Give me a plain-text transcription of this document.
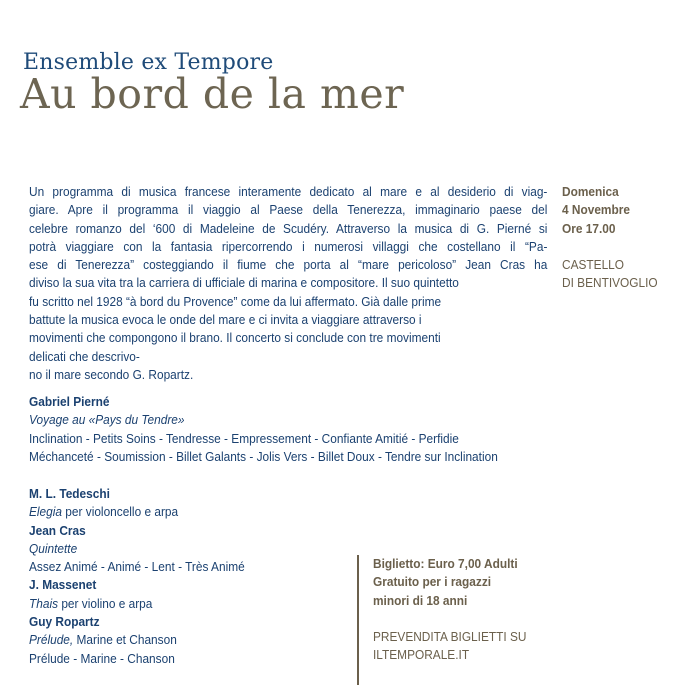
Ensemble ex Tempore
Au bord de la mer
Un programma di musica francese interamente dedicato al mare e al desiderio di viag-
giare. Apre il programma il viaggio al Paese della Tenerezza, immaginario paese del
celebre romanzo del ‘600 di Madeleine de Scudéry. Attraverso la musica di G. Pierné si
potrà viaggiare con la fantasia ripercorrendo i numerosi villaggi che costellano il “Pa-
ese di Tenerezza” costeggiando il fiume che porta al “mare pericoloso” Jean Cras ha
diviso la sua vita tra la carriera di ufficiale di marina e compositore. Il suo quintetto
fu scritto nel 1928 “à bord du Provence” come da lui affermato. Già dalle prime
battute la musica evoca le onde del mare e ci invita a viaggiare attraverso i
movimenti che compongono il brano. Il concerto si conclude con tre movimenti
delicati che descrivo-
no il mare secondo G. Ropartz.
Gabriel Pierné
Voyage au «Pays du Tendre»
Inclination - Petits Soins - Tendresse - Empressement - Confiante Amitié - Perfidie
Méchanceté - Soumission - Billet Galants - Jolis Vers - Billet Doux - Tendre sur Inclination
M. L. Tedeschi
Elegia per violoncello e arpa
Jean Cras
Quintette
Assez Animé - Animé - Lent - Très Animé
J. Massenet
Thais per violino e arpa
Guy Ropartz
Prélude, Marine et Chanson
Prélude - Marine - Chanson
Domenica
4 Novembre
Ore 17.00
CASTELLO
DI BENTIVOGLIO
Biglietto: Euro 7,00 Adulti
Gratuito per i ragazzi
minori di 18 anni
PREVENDITA BIGLIETTI SU
ILTEMPORALE.IT
